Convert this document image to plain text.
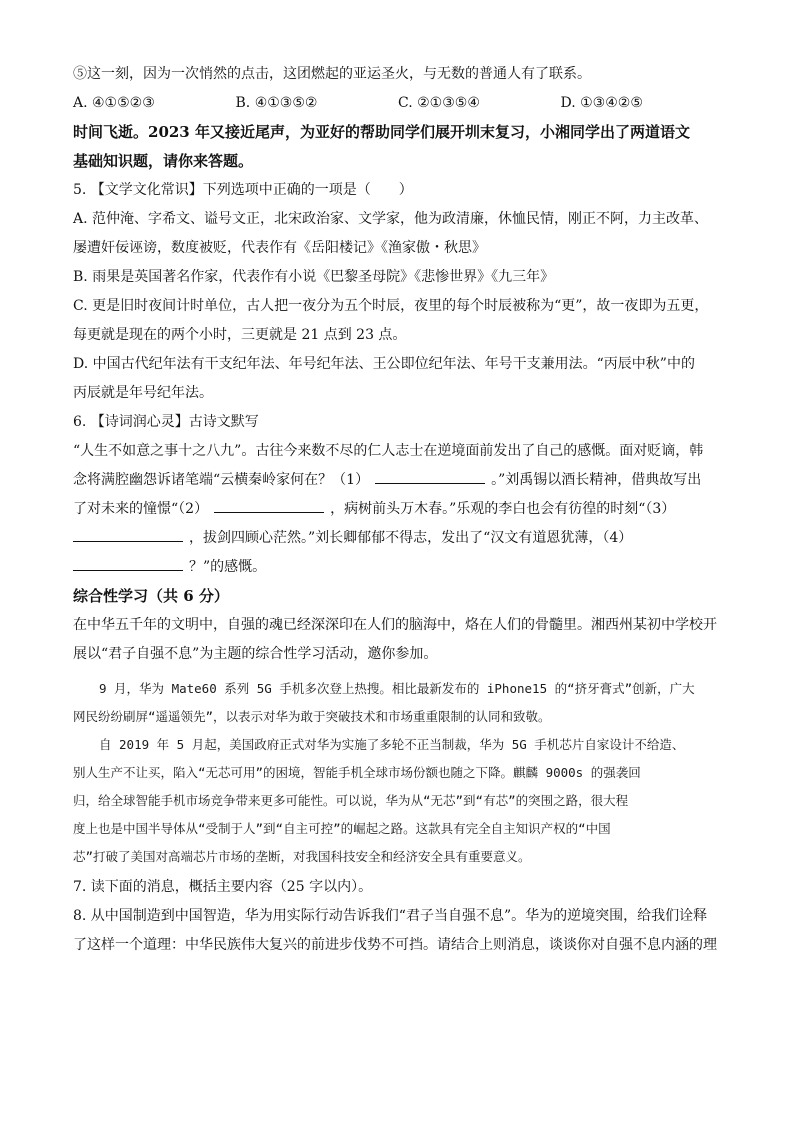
⑤这一刻，因为一次悄然的点击，这团燃起的亚运圣火，与无数的普通人有了联系。

A. ④①⑤②③	B. ④①③⑤②	C. ②①③⑤④	D. ①③④②⑤

时间飞逝。2023 年又接近尾声，为亚好的帮助同学们展开圳末复习，小湘同学出了两道语文

基础知识题，请你来答题。

5. 【文学文化常识】下列选项中正确的一项是（　　）

A. 范仲淹、字希文、谥号文正，北宋政治家、文学家，他为政清廉，休恤民情，刚正不阿，力主改革、

屡遭奸佞诬谤，数度被贬，代表作有《岳阳楼记》《渔家傲・秋思》

B. 雨果是英国著名作家，代表作有小说《巴黎圣母院》《悲惨世界》《九三年》

C. 更是旧时夜间计时单位，古人把一夜分为五个时辰，夜里的每个时辰被称为“更”，故一夜即为五更，

每更就是现在的两个小时，三更就是 21 点到 23 点。

D. 中国古代纪年法有干支纪年法、年号纪年法、王公即位纪年法、年号干支兼用法。“丙辰中秋”中的

丙辰就是年号纪年法。

6. 【诗词润心灵】古诗文默写

“人生不如意之事十之八九”。古往今来数不尽的仁人志士在逆境面前发出了自己的感慨。面对贬谪，韩

念将满腔幽怨诉诸笔端“云横秦岭家何在？（1）	。”刘禹锡以酒长精神，借典故写出

了对未来的憧憬“（2）	，病树前头万木春。”乐观的李白也会有彷徨的时刻“（3）

，拔剑四顾心茫然。”刘长卿郁郁不得志，发出了“汉文有道恩犹薄，（4）

？”的感慨。

综合性学习（共 6 分）

在中华五千年的文明中，自强的魂已经深深印在人们的脑海中，烙在人们的骨髓里。湘西州某初中学校开

展以“君子自强不息”为主题的综合性学习活动，邀你参加。

9 月，华为 Mate60 系列 5G 手机多次登上热搜。相比最新发布的 iPhone15 的“挤牙膏式”创新，广大

网民纷纷刷屏“遥遥领先”，以表示对华为敢于突破技术和市场重重限制的认同和致敬。

自 2019 年 5 月起，美国政府正式对华为实施了多轮不正当制裁，华为 5G 手机芯片自家设计不给造、

别人生产不让买，陷入“无芯可用”的困境，智能手机全球市场份额也随之下降。麒麟 9000s 的强袭回

归，给全球智能手机市场竞争带来更多可能性。可以说，华为从“无芯”到“有芯”的突围之路，很大程

度上也是中国半导体从“受制于人”到“自主可控”的崛起之路。这款具有完全自主知识产权的“中国

芯”打破了美国对高端芯片市场的垄断，对我国科技安全和经济安全具有重要意义。

7. 读下面的消息，概括主要内容（25 字以内）。

8. 从中国制造到中国智造，华为用实际行动告诉我们“君子当自强不息”。华为的逆境突围，给我们诠释

了这样一个道理：中华民族伟大复兴的前进步伐势不可挡。请结合上则消息，谈谈你对自强不息内涵的理
